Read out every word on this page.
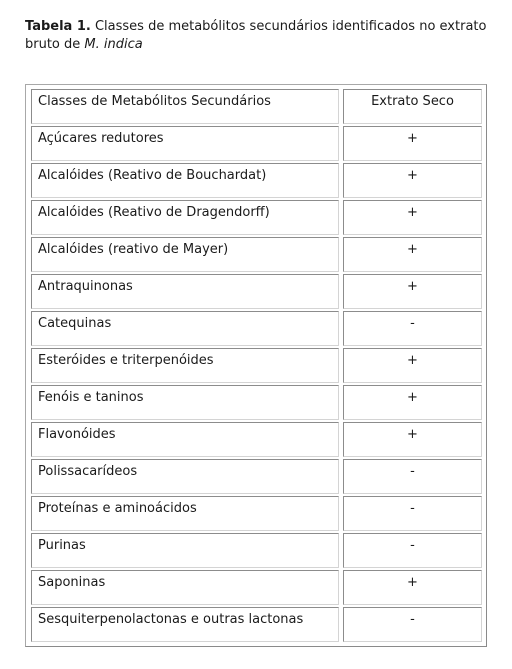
Tabela 1. Classes de metabólitos secundários identificados no extrato
bruto de M. indica
Classes de Metabólitos Secundários	Extrato Seco
Açúcares redutores	+
Alcalóides (Reativo de Bouchardat)	+
Alcalóides (Reativo de Dragendorff)	+
Alcalóides (reativo de Mayer)	+
Antraquinonas	+
Catequinas	-
Esteróides e triterpenóides	+
Fenóis e taninos	+
Flavonóides	+
Polissacarídeos	-
Proteínas e aminoácidos	-
Purinas	-
Saponinas	+
Sesquiterpenolactonas e outras lactonas	-
